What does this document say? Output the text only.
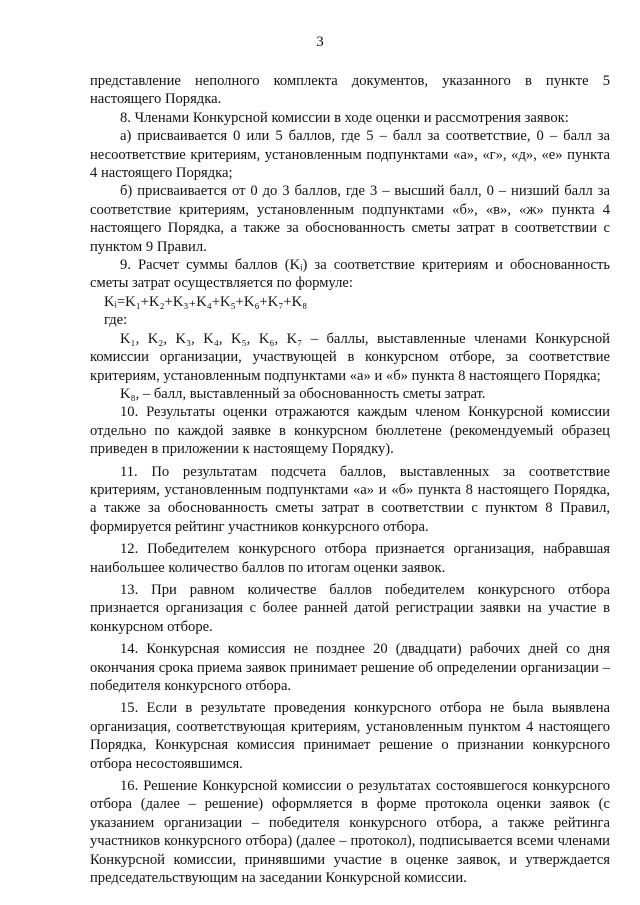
3

представление неполного комплекта документов, указанного в пункте 5 настоящего Порядка.

8. Членами Конкурсной комиссии в ходе оценки и рассмотрения заявок:

а) присваивается 0 или 5 баллов, где 5 – балл за соответствие, 0 – балл за несоответствие критериям, установленным подпунктами «а», «г», «д», «е» пункта 4 настоящего Порядка;

б) присваивается от 0 до 3 баллов, где 3 – высший балл, 0 – низший балл за соответствие критериям, установленным подпунктами «б», «в», «ж» пункта 4 настоящего Порядка, а также за обоснованность сметы затрат в соответствии с пунктом 9 Правил.

9. Расчет суммы баллов (Kᵢ) за соответствие критериям и обоснованность сметы затрат осуществляется по формуле:

Kᵢ=K₁+K₂+K₃₊K₄+K₅+K₆+K₇+K₈

где:

K₁, K₂, K₃, K₄, K₅, K₆, K₇ – баллы, выставленные членами Конкурсной комиссии организации, участвующей в конкурсном отборе, за соответствие критериям, установленным подпунктами «а» и «б» пункта 8 настоящего Порядка;

K₈, – балл, выставленный за обоснованность сметы затрат.

10. Результаты оценки отражаются каждым членом Конкурсной комиссии отдельно по каждой заявке в конкурсном бюллетене (рекомендуемый образец приведен в приложении к настоящему Порядку).

11. По результатам подсчета баллов, выставленных за соответствие критериям, установленным подпунктами «а» и «б» пункта 8 настоящего Порядка, а также за обоснованность сметы затрат в соответствии с пунктом 8 Правил, формируется рейтинг участников конкурсного отбора.

12. Победителем конкурсного отбора признается организация, набравшая наибольшее количество баллов по итогам оценки заявок.

13. При равном количестве баллов победителем конкурсного отбора признается организация с более ранней датой регистрации заявки на участие в конкурсном отборе.

14. Конкурсная комиссия не позднее 20 (двадцати) рабочих дней со дня окончания срока приема заявок принимает решение об определении организации – победителя конкурсного отбора.

15. Если в результате проведения конкурсного отбора не была выявлена организация, соответствующая критериям, установленным пунктом 4 настоящего Порядка, Конкурсная комиссия принимает решение о признании конкурсного отбора несостоявшимся.

16. Решение Конкурсной комиссии о результатах состоявшегося конкурсного отбора (далее – решение) оформляется в форме протокола оценки заявок (с указанием организации – победителя конкурсного отбора, а также рейтинга участников конкурсного отбора) (далее – протокол), подписывается всеми членами Конкурсной комиссии, принявшими участие в оценке заявок, и утверждается председательствующим на заседании Конкурсной комиссии.
